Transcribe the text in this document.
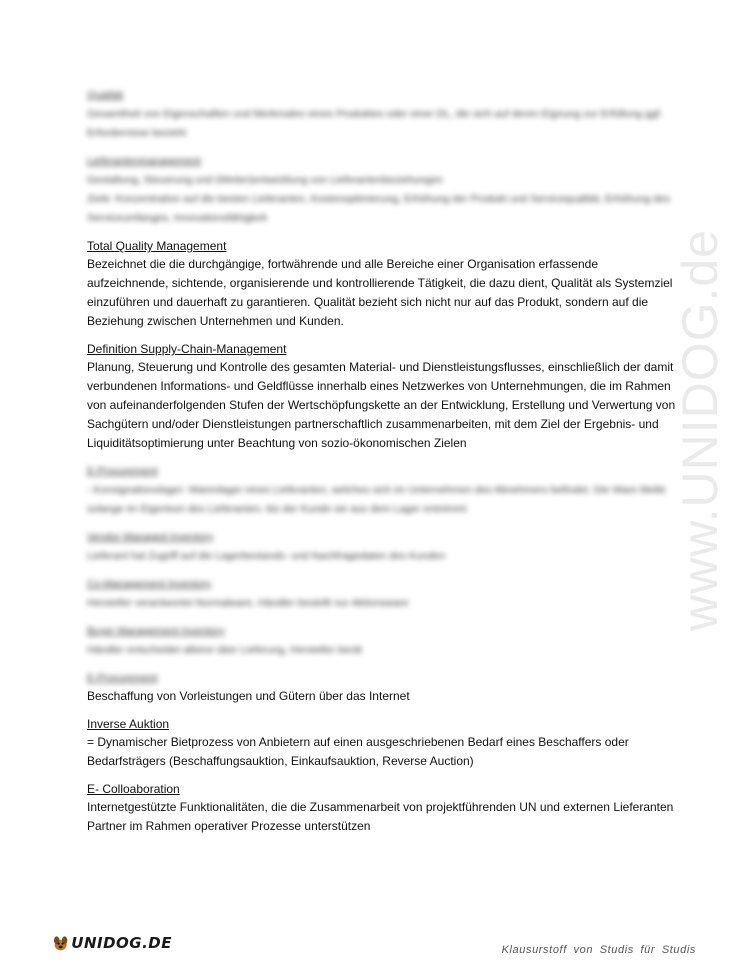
www.UNIDOG.de
Qualität
Gesamtheit von Eigenschaften und Merkmalen eines Produktes oder einer DL, die sich auf deren Eignung zur Erfüllung ggf. Erfordernisse bezieht
Lieferantenmanagement
Gestaltung, Steuerung und (Weiter)entwicklung von Lieferantenbeziehungen
Ziele: Konzentration auf die besten Lieferanten, Kostenoptimierung, Erhöhung der Produkt und Servicequalität, Erhöhung des Serviceumfanges, Innovationsfähigkeit
Total Quality Management
Bezeichnet die die durchgängige, fortwährende und alle Bereiche einer Organisation erfassende aufzeichnende, sichtende, organisierende und kontrollierende Tätigkeit, die dazu dient, Qualität als Systemziel einzuführen und dauerhaft zu garantieren. Qualität bezieht sich nicht nur auf das Produkt, sondern auf die Beziehung zwischen Unternehmen und Kunden.
Definition Supply-Chain-Management
Planung, Steuerung und Kontrolle des gesamten Material- und Dienstleistungsflusses, einschließlich der damit verbundenen Informations- und Geldflüsse innerhalb eines Netzwerkes von Unternehmungen, die im Rahmen von aufeinanderfolgenden Stufen der Wertschöpfungskette an der Entwicklung, Erstellung und Verwertung von Sachgütern und/oder Dienstleistungen partnerschaftlich zusammenarbeiten, mit dem Ziel der Ergebnis- und Liquiditätsoptimierung unter Beachtung von sozio-ökonomischen Zielen
E-Procurement
- Konsignationslager: Warenlager eines Lieferanten, welches sich im Unternehmen des Abnehmers befindet. Die Ware bleibt solange im Eigentum des Lieferanten, bis der Kunde sie aus dem Lager entnimmt
Vendor Managed Inventory
Lieferant hat Zugriff auf die Lagerbestands- und Nachfragedaten des Kunden
Co-Management Inventory
Hersteller verantwortet Normalware, Händler bestellt nur Aktionsware
Buyer Management Inventory
Händler entscheidet alleine über Lieferung, Hersteller berät
E-Procurement
Beschaffung von Vorleistungen und Gütern über das Internet
Inverse Auktion
= Dynamischer Bietprozess von Anbietern auf einen ausgeschriebenen Bedarf eines Beschaffers oder Bedarfsträgers (Beschaffungsauktion, Einkaufsauktion, Reverse Auction)
E- Colloaboration
Internetgestützte Funktionalitäten, die die Zusammenarbeit von projektführenden UN und externen Lieferanten Partner im Rahmen operativer Prozesse unterstützen
UNIDOG.DE	Klausurstoff von Studis für Studis
